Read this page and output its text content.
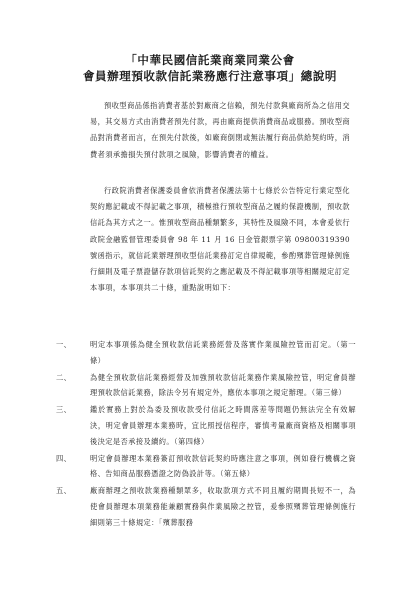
「中華民國信託業商業同業公會
會員辦理預收款信託業務應行注意事項」總說明

預收型商品係指消費者基於對廠商之信賴，預先付款與廠商所為之信用交易，其交易方式由消費者預先付款，再由廠商提供消費商品或服務。預收型商品對消費者而言，在預先付款後，如廠商倒閉或無法履行商品供給契約時，消費者須承擔損失預付款項之風險，影響消費者的權益。

行政院消費者保護委員會依消費者保護法第十七條於公告特定行業定型化契約應記載或不得記載之事項，積極推行預收型商品之履約保證機制，預收款信託為其方式之一。惟預收型商品種類繁多，其特性及風險不同，本會爰依行政院金融監督管理委員會 98 年 11 月 16 日金管銀票字第 09800319390 號函指示，就信託業辦理預收型信託業務訂定自律規範，參酌殯葬管理條例施行細則及電子票證儲存款項信託契約之應記載及不得記載事項等相關規定訂定本事項，本事項共二十條，重點說明如下：

一、	明定本事項係為健全預收款信託業務經營及落實作業風險控管而訂定。（第一條）
二、	為健全預收款信託業務經營及加強預收款信託業務作業風險控管，明定會員辦理預收款信託業務，除法令另有規定外，應依本事項之規定辦理。（第三條）
三、	鑑於實務上對於為委及預收款受付信託之時間落差等問題仍無法完全有效解決，明定會員辦理本業務時，宜比照授信程序，審慎考量廠商資格及相關事項後決定是否承接及續約。（第四條）
四、	明定會員辦理本業務簽訂預收款信託契約時應注意之事項，例如發行機構之資格、告知商品服務憑證之防偽設計等。（第五條）
五、	廠商辦理之預收款業務種類眾多，收取款項方式不同且履約期間長短不一，為使會員辦理本項業務能兼顧實務與作業風險之控管，爰參照殯葬管理條例施行細則第三十條規定：「殯葬服務
